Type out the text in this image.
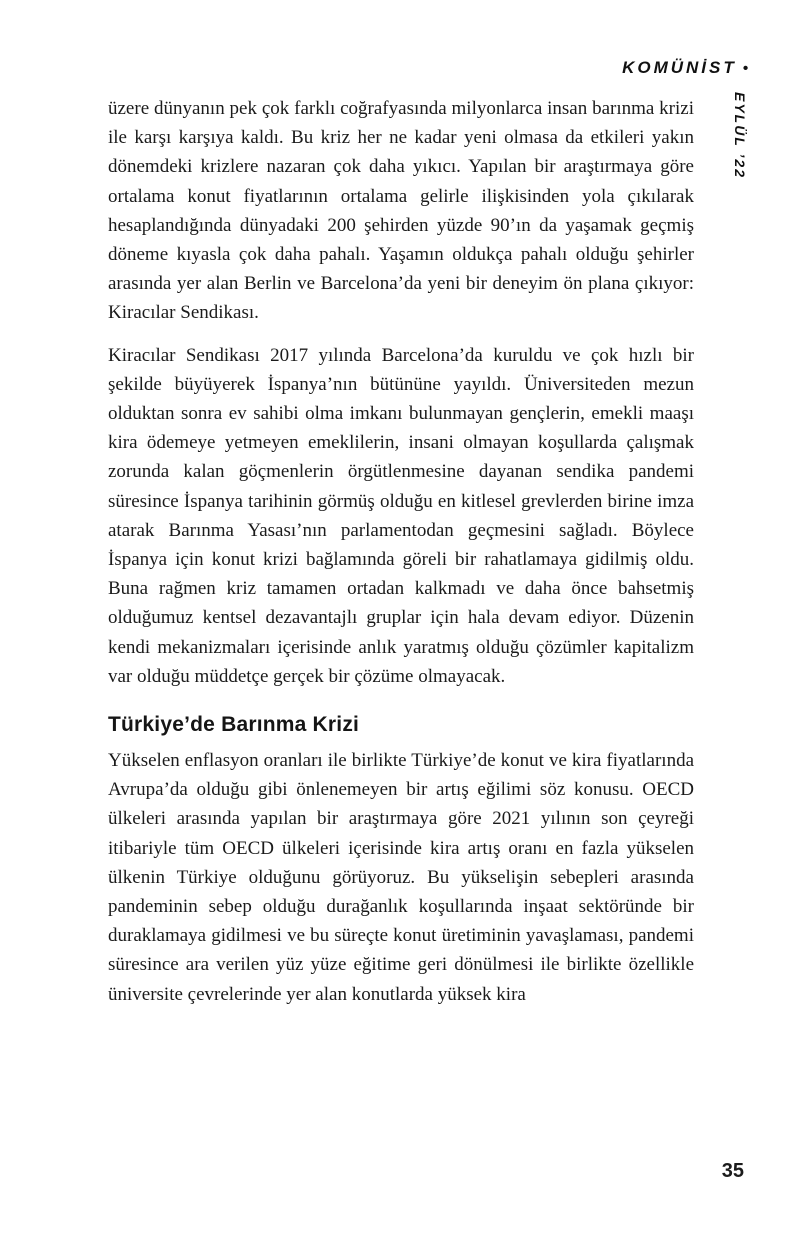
KOMÜNİST •
EYLÜL ’22

üzere dünyanın pek çok farklı coğrafyasında milyonlarca insan barınma krizi ile karşı karşıya kaldı. Bu kriz her ne kadar yeni olmasa da etkileri yakın dönemdeki krizlere nazaran çok daha yıkıcı. Yapılan bir araştırmaya göre ortalama konut fiyatlarının ortalama gelirle ilişkisinden yola çıkılarak hesaplandığında dünyadaki 200 şehirden yüzde 90’ın da yaşamak geçmiş döneme kıyasla çok daha pahalı. Yaşamın oldukça pahalı olduğu şehirler arasında yer alan Berlin ve Barcelona’da yeni bir deneyim ön plana çıkıyor: Kiracılar Sendikası.

Kiracılar Sendikası 2017 yılında Barcelona’da kuruldu ve çok hızlı bir şekilde büyüyerek İspanya’nın bütününe yayıldı. Üniversiteden mezun olduktan sonra ev sahibi olma imkanı bulunmayan gençlerin, emekli maaşı kira ödemeye yetmeyen emeklilerin, insani olmayan koşullarda çalışmak zorunda kalan göçmenlerin örgütlenmesine dayanan sendika pandemi süresince İspanya tarihinin görmüş olduğu en kitlesel grevlerden birine imza atarak Barınma Yasası’nın parlamentodan geçmesini sağladı. Böylece İspanya için konut krizi bağlamında göreli bir rahatlamaya gidilmiş oldu. Buna rağmen kriz tamamen ortadan kalkmadı ve daha önce bahsetmiş olduğumuz kentsel dezavantajlı gruplar için hala devam ediyor. Düzenin kendi mekanizmaları içerisinde anlık yaratmış olduğu çözümler kapitalizm var olduğu müddetçe gerçek bir çözüme olmayacak.

Türkiye’de Barınma Krizi

Yükselen enflasyon oranları ile birlikte Türkiye’de konut ve kira fiyatlarında Avrupa’da olduğu gibi önlenemeyen bir artış eğilimi söz konusu. OECD ülkeleri arasında yapılan bir araştırmaya göre 2021 yılının son çeyreği itibariyle tüm OECD ülkeleri içerisinde kira artış oranı en fazla yükselen ülkenin Türkiye olduğunu görüyoruz. Bu yükselişin sebepleri arasında pandeminin sebep olduğu durağanlık koşullarında inşaat sektöründe bir duraklamaya gidilmesi ve bu süreçte konut üretiminin yavaşlaması, pandemi süresince ara verilen yüz yüze eğitime geri dönülmesi ile birlikte özellikle üniversite çevrelerinde yer alan konutlarda yüksek kira

35
